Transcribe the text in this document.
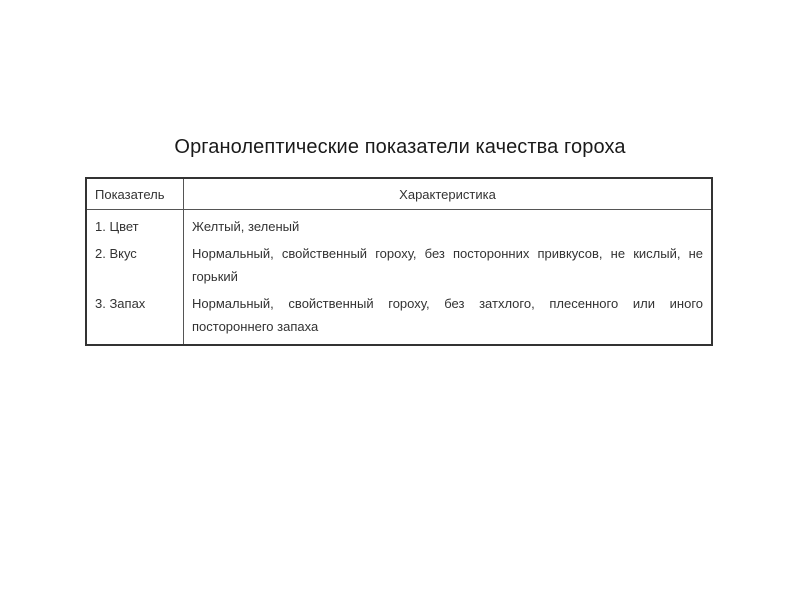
Органолептические показатели качества гороха
Показатель	Характеристика
1. Цвет	Желтый, зеленый
2. Вкус	Нормальный, свойственный гороху, без посторонних привкусов, не кислый, не горький
3. Запах	Нормальный, свойственный гороху, без затхлого, плесенного или иного постороннего запаха
